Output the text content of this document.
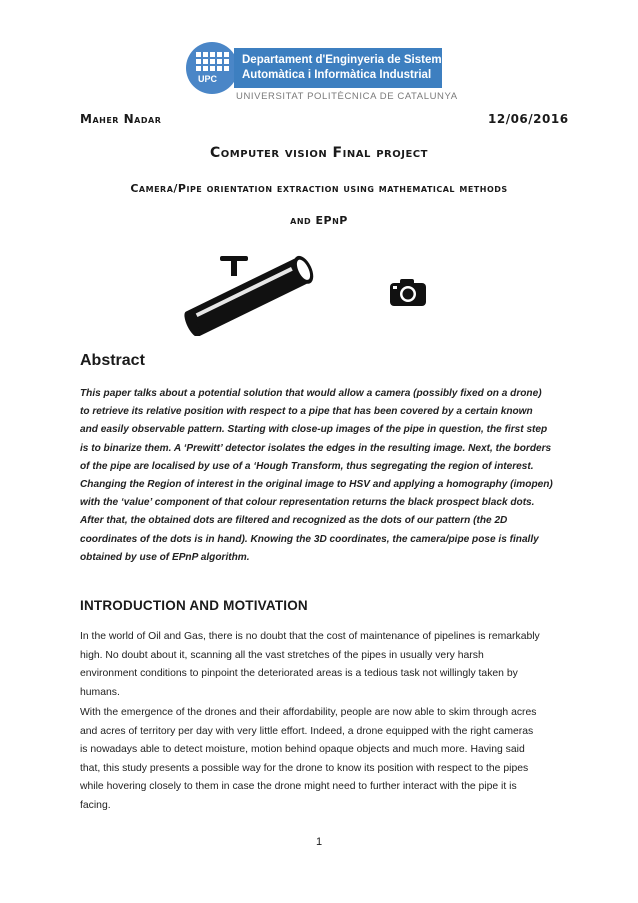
UPC
Departament d'Enginyeria de Sistemes,
Automàtica i Informàtica Industrial
UNIVERSITAT POLITÈCNICA DE CATALUNYA
Maher Nadar	12/06/2016
Computer vision Final project
Camera/Pipe orientation extraction using mathematical methods
and EPnP
Abstract
This paper talks about a potential solution that would allow a camera (possibly fixed on a drone)
to retrieve its relative position with respect to a pipe that has been covered by a certain known
and easily observable pattern. Starting with close-up images of the pipe in question, the first step
is to binarize them. A ‘Prewitt’ detector isolates the edges in the resulting image. Next, the borders
of the pipe are localised by use of a ‘Hough Transform, thus segregating the region of interest.
Changing the Region of interest in the original image to HSV and applying a homography (imopen)
with the ‘value’ component of that colour representation returns the black prospect black dots.
After that, the obtained dots are filtered and recognized as the dots of our pattern (the 2D
coordinates of the dots is in hand). Knowing the 3D coordinates, the camera/pipe pose is finally
obtained by use of EPnP algorithm.
INTRODUCTION AND MOTIVATION
In the world of Oil and Gas, there is no doubt that the cost of maintenance of pipelines is remarkably
high. No doubt about it, scanning all the vast stretches of the pipes in usually very harsh
environment conditions to pinpoint the deteriorated areas is a tedious task not willingly taken by
humans.
With the emergence of the drones and their affordability, people are now able to skim through acres
and acres of territory per day with very little effort. Indeed, a drone equipped with the right cameras
is nowadays able to detect moisture, motion behind opaque objects and much more. Having said
that, this study presents a possible way for the drone to know its position with respect to the pipes
while hovering closely to them in case the drone might need to further interact with the pipe it is
facing.
1
